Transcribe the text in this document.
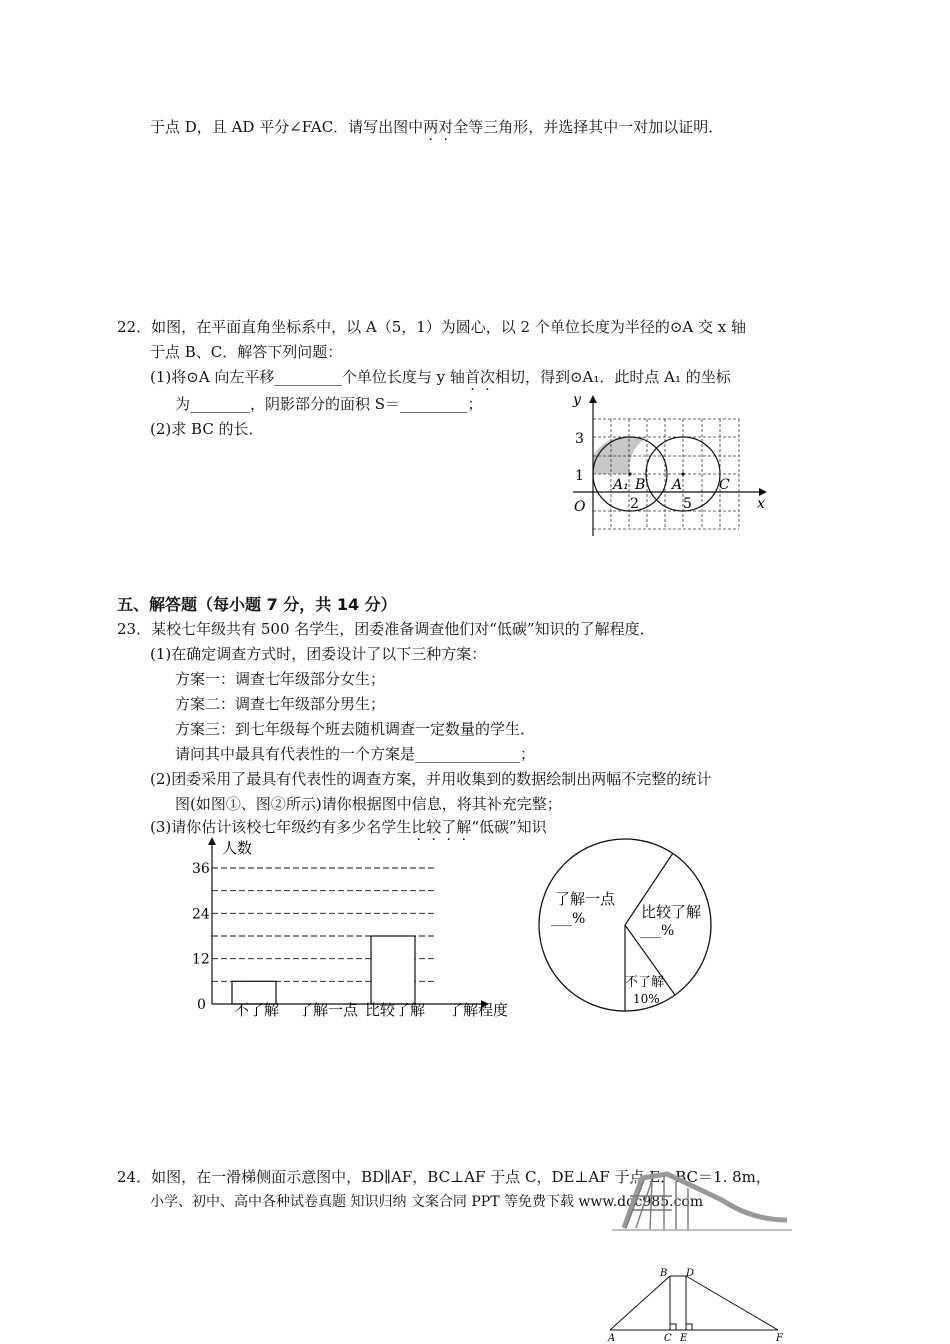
于点 D，且 AD 平分∠FAC．请写出图中两对全等三角形，并选择其中一对加以证明．
22．如图，在平面直角坐标系中，以 A（5，1）为圆心，以 2 个单位长度为半径的⊙A 交 x 轴
于点 B、C．解答下列问题：
(1)将⊙A 向左平移_________个单位长度与 y 轴首次相切，得到⊙A₁．此时点 A₁ 的坐标
为________，阴影部分的面积 S＝_________；
(2)求 BC 的长．
y
x
O
3
1
2	5
A₁ B A	C
五、解答题（每小题 7 分，共 14 分）
23．某校七年级共有 500 名学生，团委准备调查他们对“低碳”知识的了解程度．
(1)在确定调查方式时，团委设计了以下三种方案：
方案一：调查七年级部分女生；
方案二：调查七年级部分男生；
方案三：到七年级每个班去随机调查一定数量的学生．
请问其中最具有代表性的一个方案是______________；
(2)团委采用了最具有代表性的调查方案，并用收集到的数据绘制出两幅不完整的统计
图(如图①、图②所示)请你根据图中信息，将其补充完整；
(3)请你估计该校七年级约有多少名学生比较了解“低碳”知识
人数
0
12
24
36
不了解 了解一点 比较了解 了解程度
了解一点
___%	比较了解
___%
不了解
10%
24．如图，在一滑梯侧面示意图中，BD∥AF，BC⊥AF 于点 C，DE⊥AF 于点 E．BC＝1. 8m，
小学、初中、高中各种试卷真题 知识归纳 文案合同 PPT 等免费下载 www.doc985.com
B D
A	C E	F
